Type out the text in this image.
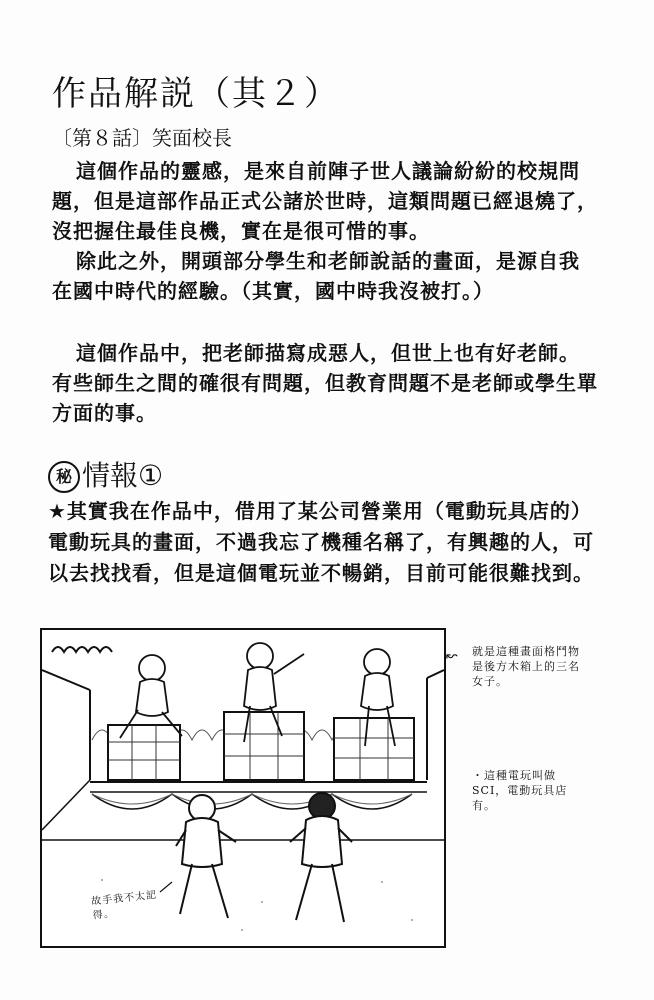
作品解説（其２）
〔第８話〕笑面校長

這個作品的靈感，是來自前陣子世人議論紛紛的校規問題，但是這部作品正式公諸於世時，這類問題已經退燒了，沒把握住最佳良機，實在是很可惜的事。

除此之外，開頭部分學生和老師說話的畫面，是源自我在國中時代的經驗。（其實，國中時我沒被打。）

這個作品中，把老師描寫成惡人，但世上也有好老師。有些師生之間的確很有問題，但教育問題不是老師或學生單方面的事。

秘 情報①
★其實我在作品中，借用了某公司營業用（電動玩具店的）電動玩具的畫面，不過我忘了機種名稱了，有興趣的人，可以去找找看，但是這個電玩並不暢銷，目前可能很難找到。
↜ 就是這種畫面格鬥物是後方木箱上的三名女子。
・這種電玩叫做SCI，電動玩具店有。
故手我不太記得。
